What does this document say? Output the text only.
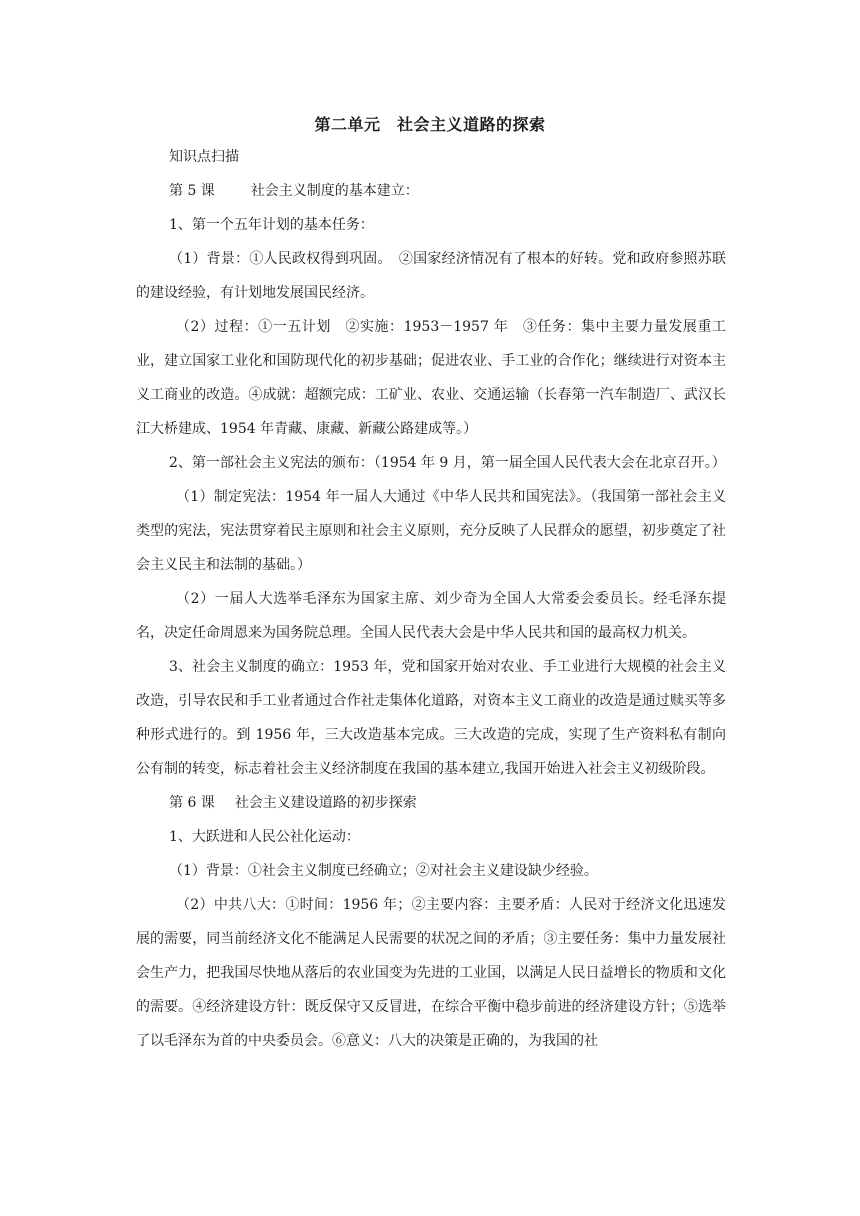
第二单元　社会主义道路的探索

知识点扫描

第 5 课	社会主义制度的基本建立：

1、第一个五年计划的基本任务：

（1）背景：①人民政权得到巩固。　②国家经济情况有了根本的好转。党和政府参照苏联的建设经验，有计划地发展国民经济。

（2）过程：①一五计划　②实施：1953－1957 年　③任务：集中主要力量发展重工业，建立国家工业化和国防现代化的初步基础；促进农业、手工业的合作化；继续进行对资本主义工商业的改造。④成就：超额完成：工矿业、农业、交通运输（长春第一汽车制造厂、武汉长江大桥建成、1954 年青藏、康藏、新藏公路建成等。）

2、第一部社会主义宪法的颁布：（1954 年 9 月，第一届全国人民代表大会在北京召开。）

（1）制定宪法：1954 年一届人大通过《中华人民共和国宪法》。（我国第一部社会主义类型的宪法，宪法贯穿着民主原则和社会主义原则，充分反映了人民群众的愿望，初步奠定了社会主义民主和法制的基础。）

（2）一届人大选举毛泽东为国家主席、刘少奇为全国人大常委会委员长。经毛泽东提名，决定任命周恩来为国务院总理。全国人民代表大会是中华人民共和国的最高权力机关。

3、社会主义制度的确立：1953 年，党和国家开始对农业、手工业进行大规模的社会主义改造，引导农民和手工业者通过合作社走集体化道路，对资本主义工商业的改造是通过赎买等多种形式进行的。到 1956 年，三大改造基本完成。三大改造的完成，实现了生产资料私有制向公有制的转变，标志着社会主义经济制度在我国的基本建立,我国开始进入社会主义初级阶段。

第 6 课 社会主义建设道路的初步探索

1、大跃进和人民公社化运动：

（1）背景：①社会主义制度已经确立；②对社会主义建设缺少经验。

（2）中共八大：①时间：1956 年；②主要内容：主要矛盾：人民对于经济文化迅速发展的需要，同当前经济文化不能满足人民需要的状况之间的矛盾；③主要任务：集中力量发展社会生产力，把我国尽快地从落后的农业国变为先进的工业国，以满足人民日益增长的物质和文化的需要。④经济建设方针：既反保守又反冒进，在综合平衡中稳步前进的经济建设方针；⑤选举了以毛泽东为首的中央委员会。⑥意义：八大的决策是正确的，为我国的社
